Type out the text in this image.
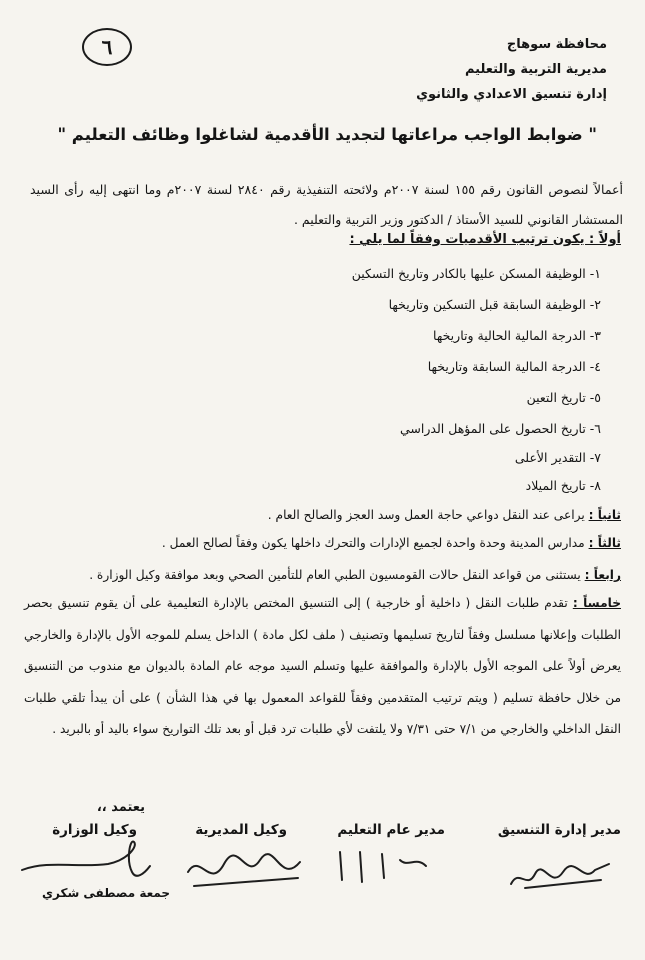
محافظة سوهاج
مديرية التربية والتعليم
إدارة تنسيق الاعدادي والثانوي
٦
" ضوابط الواجب مراعاتها لتجديد الأقدمية لشاغلوا وظائف التعليم "
أعمالاً لنصوص القانون رقم ١٥٥ لسنة ٢٠٠٧م ولائحته التنفيذية رقم ٢٨٤٠ لسنة ٢٠٠٧م وما انتهى إليه رأى السيد المستشار القانوني للسيد الأستاذ / الدكتور وزير التربية والتعليم .
أولاً : يكون ترتيب الأقدميات وفقاً لما يلي :
١- الوظيفة المسكن عليها بالكادر وتاريخ التسكين
٢- الوظيفة السابقة قبل التسكين وتاريخها
٣- الدرجة المالية الحالية وتاريخها
٤- الدرجة المالية السابقة وتاريخها
٥- تاريخ التعين
٦- تاريخ الحصول على المؤهل الدراسي
٧- التقدير الأعلى
٨- تاريخ الميلاد
ثانياً : يراعى عند النقل دواعي حاجة العمل وسد العجز والصالح العام .
ثالثاً : مدارس المدينة وحدة واحدة لجميع الإدارات والتحرك داخلها يكون وفقاً لصالح العمل .
رابعاً : يستثنى من قواعد النقل حالات القومسيون الطبي العام للتأمين الصحي وبعد موافقة وكيل الوزارة .
خامساً : تقدم طلبات النقل ( داخلية أو خارجية ) إلى التنسيق المختص بالإدارة التعليمية على أن يقوم تنسيق بحصر الطلبات وإعلانها مسلسل وفقاً لتاريخ تسليمها وتصنيف ( ملف لكل مادة ) الداخل يسلم للموجه الأول بالإدارة والخارجي يعرض أولاً على الموجه الأول بالإدارة والموافقة عليها وتسلم السيد موجه عام المادة بالديوان مع مندوب من التنسيق من خلال حافظة تسليم ( ويتم ترتيب المتقدمين وفقاً للقواعد المعمول بها في هذا الشأن ) على أن يبدأ تلقي طلبات النقل الداخلي والخارجي من ٧/١ حتى ٧/٣١ ولا يلتفت لأي طلبات ترد قبل أو بعد تلك التواريخ سواء باليد أو بالبريد .
يعتمد ،،
مدير إدارة التنسيق
مدير عام التعليم
وكيل المديرية
وكيل الوزارة
جمعة مصطفى شكري
